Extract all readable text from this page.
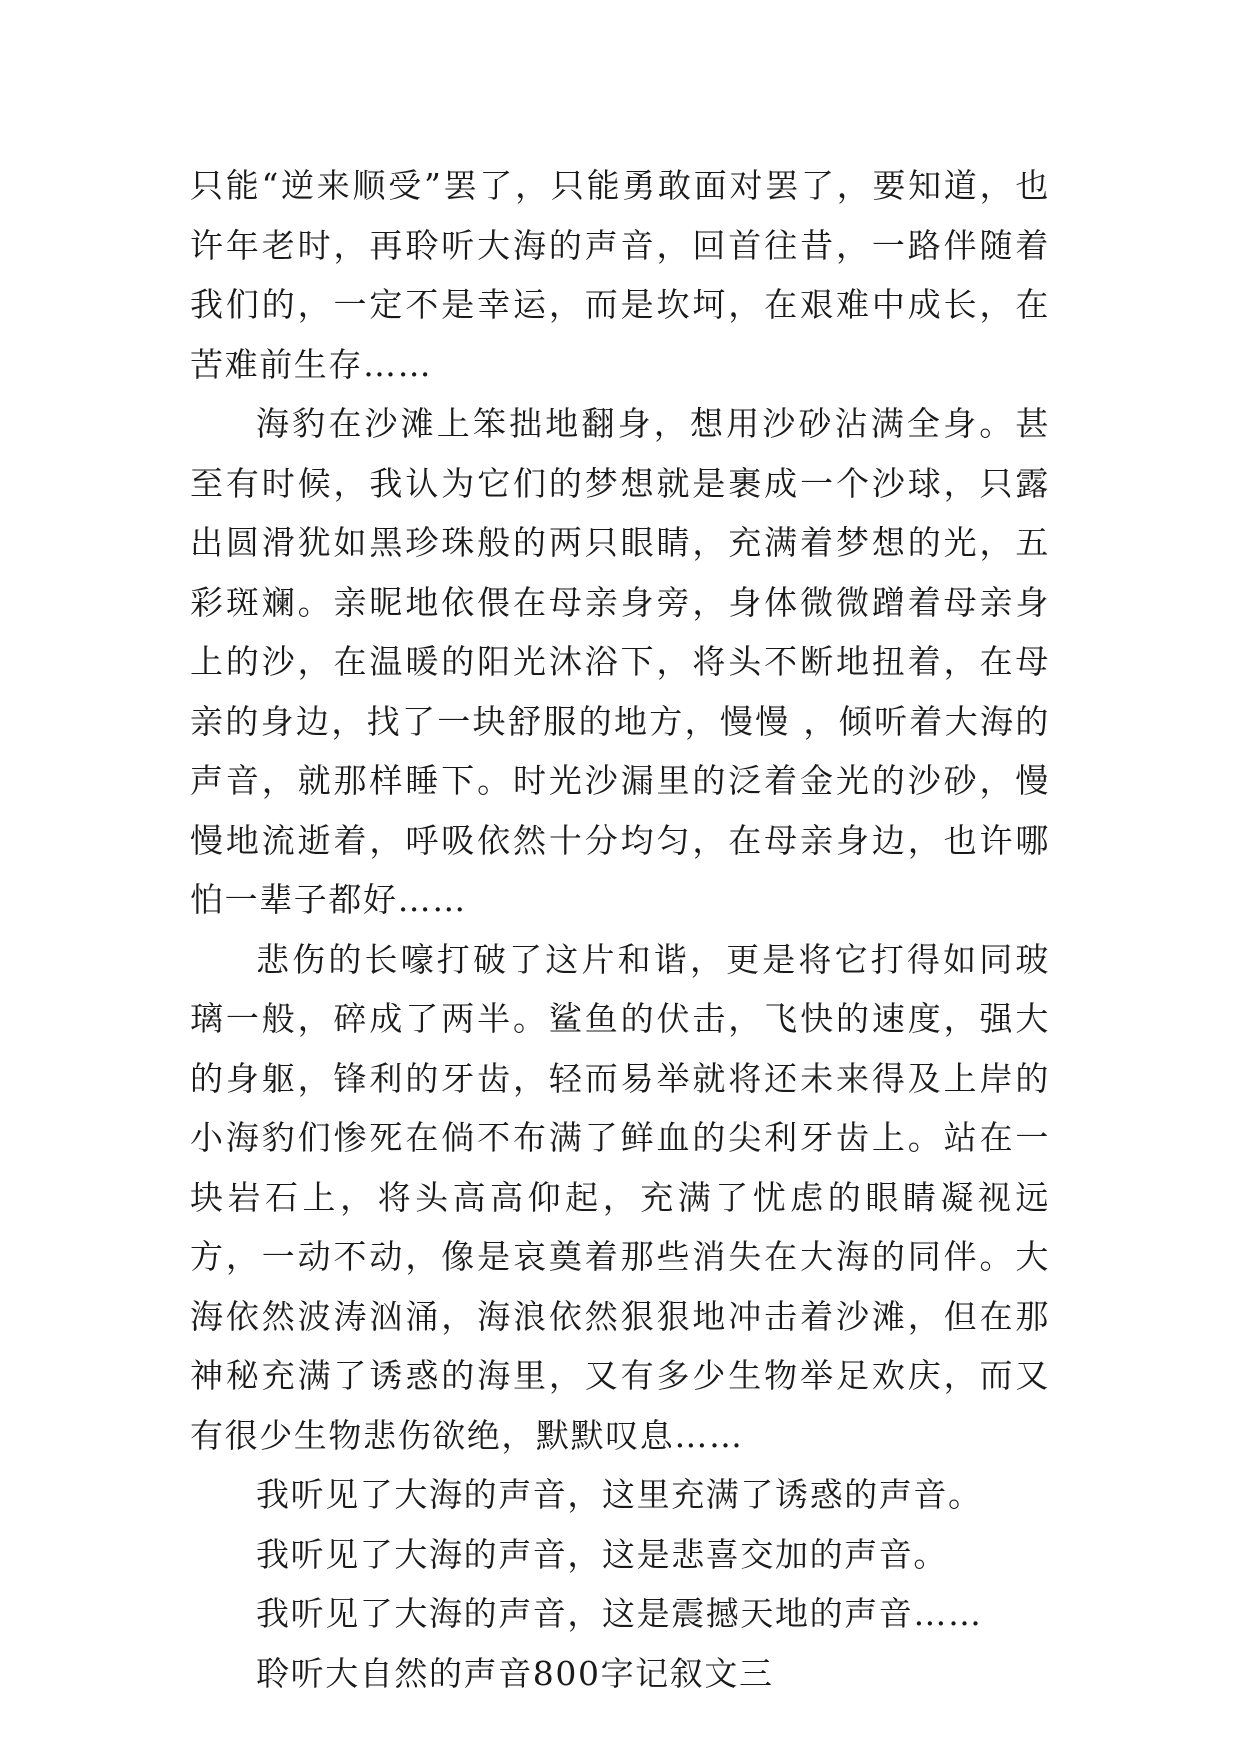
只能“逆来顺受”罢了，只能勇敢面对罢了，要知道，也许年老时，再聆听大海的声音，回首往昔，一路伴随着我们的，一定不是幸运，而是坎坷，在艰难中成长，在苦难前生存……

海豹在沙滩上笨拙地翻身，想用沙砂沾满全身。甚至有时候，我认为它们的梦想就是裹成一个沙球，只露出圆滑犹如黑珍珠般的两只眼睛，充满着梦想的光，五彩斑斓。亲昵地依偎在母亲身旁，身体微微蹭着母亲身上的沙，在温暖的阳光沐浴下，将头不断地扭着，在母亲的身边，找了一块舒服的地方，慢慢 ，倾听着大海的声音，就那样睡下。时光沙漏里的泛着金光的沙砂，慢慢地流逝着，呼吸依然十分均匀，在母亲身边，也许哪怕一辈子都好……

悲伤的长嚎打破了这片和谐，更是将它打得如同玻璃一般，碎成了两半。鲨鱼的伏击，飞快的速度，强大的身躯，锋利的牙齿，轻而易举就将还未来得及上岸的小海豹们惨死在倘不布满了鲜血的尖利牙齿上。站在一块岩石上，将头高高仰起，充满了忧虑的眼睛凝视远方，一动不动，像是哀奠着那些消失在大海的同伴。大海依然波涛汹涌，海浪依然狠狠地冲击着沙滩，但在那神秘充满了诱惑的海里，又有多少生物举足欢庆，而又有很少生物悲伤欲绝，默默叹息……

我听见了大海的声音，这里充满了诱惑的声音。

我听见了大海的声音，这是悲喜交加的声音。

我听见了大海的声音，这是震撼天地的声音……

聆听大自然的声音800字记叙文三
